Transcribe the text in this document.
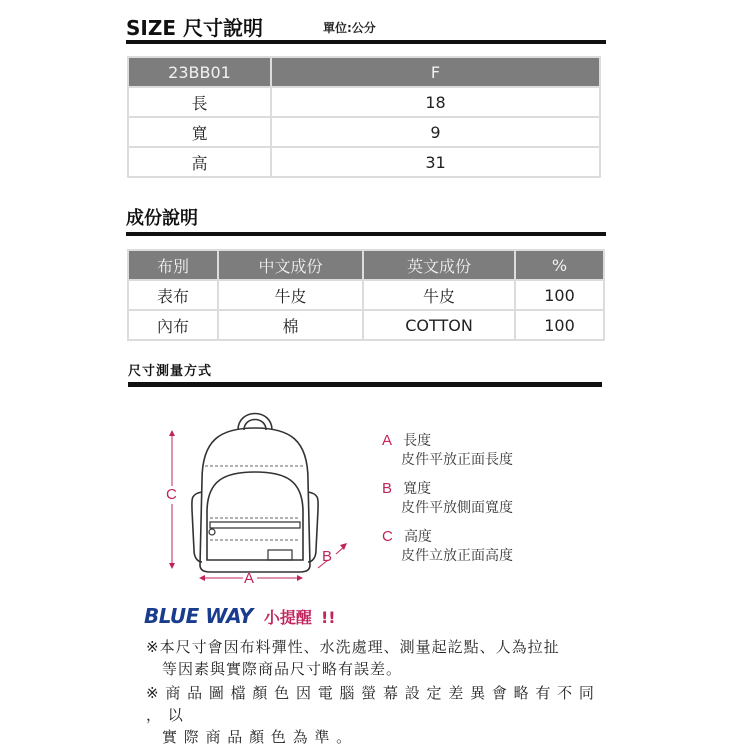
SIZE 尺寸說明	單位:公分
23BB01	F
長	18
寬	9
高	31
成份說明
布別	中文成份	英文成份	%
表布	牛皮	牛皮	100
內布	棉	COTTON	100
尺寸測量方式
C
A
B
A 長度
皮件平放正面長度
B 寬度
皮件平放側面寬度
C 高度
皮件立放正面高度
BLUE WAY 小提醒 !!
※本尺寸會因布料彈性、水洗處理、測量起訖點、人為拉扯
等因素與實際商品尺寸略有誤差。
※ 商 品 圖 檔 顏 色 因 電 腦 螢 幕 設 定 差 異 會 略 有 不 同 ， 以
實 際 商 品 顏 色 為 準 。
